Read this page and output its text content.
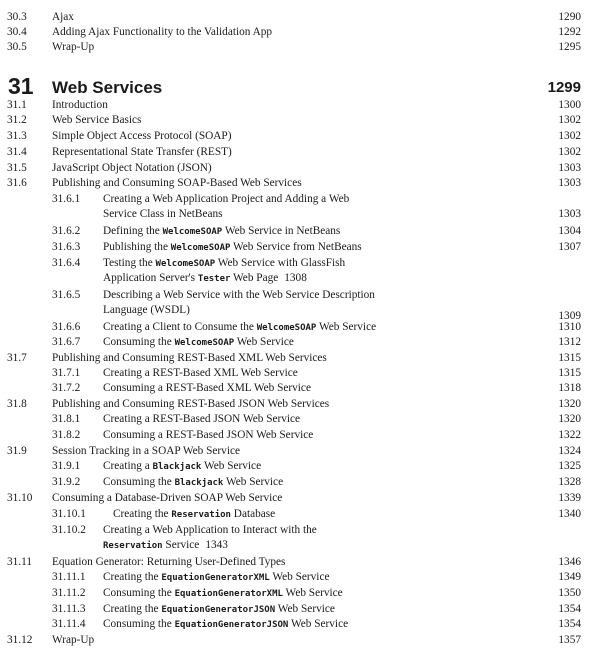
30.3 Ajax	1290
30.4 Adding Ajax Functionality to the Validation App	1292
30.5 Wrap-Up	1295
31 Web Services	1299
31.1 Introduction	1300
31.2 Web Service Basics	1302
31.3 Simple Object Access Protocol (SOAP)	1302
31.4 Representational State Transfer (REST)	1302
31.5 JavaScript Object Notation (JSON)	1303
31.6 Publishing and Consuming SOAP-Based Web Services	1303
31.6.1 Creating a Web Application Project and Adding a Web
Service Class in NetBeans	1303
31.6.2 Defining the WelcomeSOAP Web Service in NetBeans	1304
31.6.3 Publishing the WelcomeSOAP Web Service from NetBeans	1307
31.6.4 Testing the WelcomeSOAP Web Service with GlassFish
Application Server's Tester Web Page 1308
31.6.5 Describing a Web Service with the Web Service Description
Language (WSDL)	1309
31.6.6 Creating a Client to Consume the WelcomeSOAP Web Service	1310
31.6.7 Consuming the WelcomeSOAP Web Service	1312
31.7 Publishing and Consuming REST-Based XML Web Services	1315
31.7.1 Creating a REST-Based XML Web Service	1315
31.7.2 Consuming a REST-Based XML Web Service	1318
31.8 Publishing and Consuming REST-Based JSON Web Services	1320
31.8.1 Creating a REST-Based JSON Web Service	1320
31.8.2 Consuming a REST-Based JSON Web Service	1322
31.9 Session Tracking in a SOAP Web Service	1324
31.9.1 Creating a Blackjack Web Service	1325
31.9.2 Consuming the Blackjack Web Service	1328
31.10 Consuming a Database-Driven SOAP Web Service	1339
31.10.1 Creating the Reservation Database	1340
31.10.2 Creating a Web Application to Interact with the
Reservation Service 1343
31.11 Equation Generator: Returning User-Defined Types	1346
31.11.1 Creating the EquationGeneratorXML Web Service	1349
31.11.2 Consuming the EquationGeneratorXML Web Service	1350
31.11.3 Creating the EquationGeneratorJSON Web Service	1354
31.11.4 Consuming the EquationGeneratorJSON Web Service	1354
31.12 Wrap-Up	1357
